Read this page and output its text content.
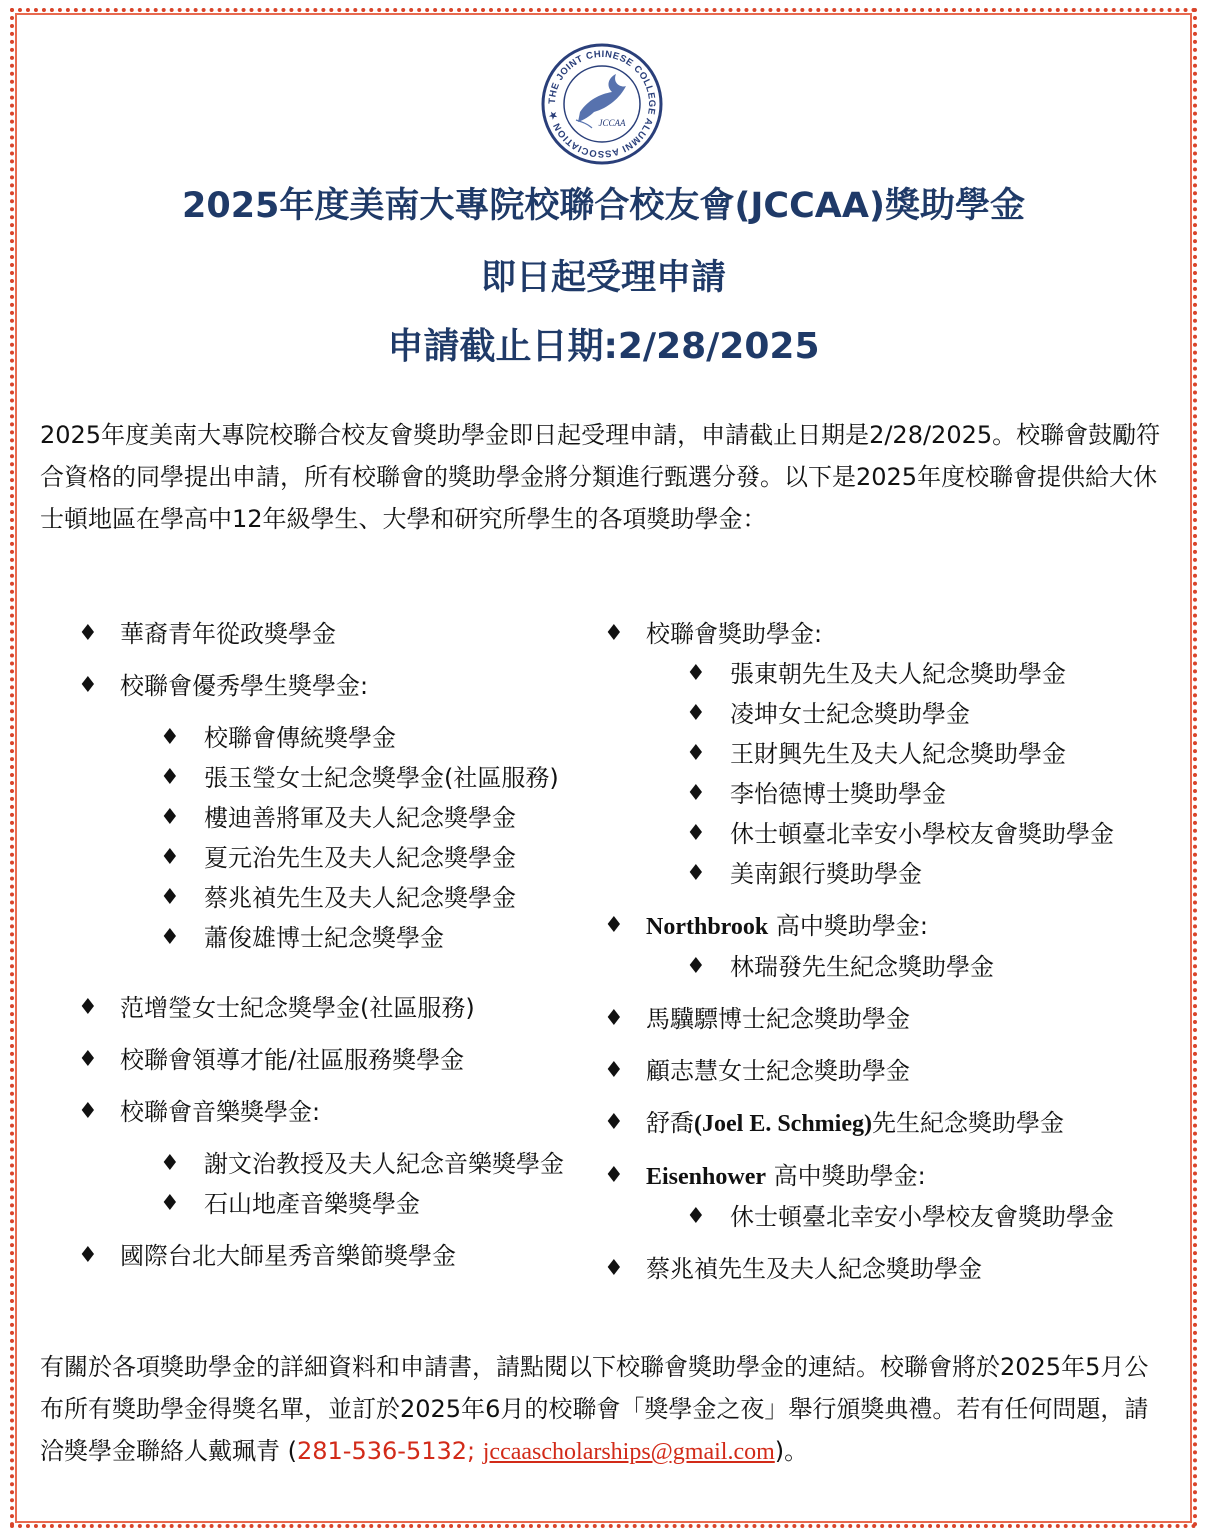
THE JOINT CHINESE COLLEGE ALUMNI ASSOCIATION ★
JCCAA
2025年度美南大專院校聯合校友會(JCCAA)獎助學金
即日起受理申請
申請截止日期:2/28/2025

2025年度美南大專院校聯合校友會獎助學金即日起受理申請，申請截止日期是2/28/2025。校聯會鼓勵符合資格的同學提出申請，所有校聯會的獎助學金將分類進行甄選分發。以下是2025年度校聯會提供給大休士頓地區在學高中12年級學生、大學和研究所學生的各項獎助學金：

♦ 華裔青年從政獎學金
♦ 校聯會優秀學生獎學金:
♦ 校聯會傳統獎學金
♦ 張玉瑩女士紀念獎學金(社區服務)
♦ 樓迪善將軍及夫人紀念獎學金
♦ 夏元治先生及夫人紀念獎學金
♦ 蔡兆禎先生及夫人紀念獎學金
♦ 蕭俊雄博士紀念獎學金
♦ 范增瑩女士紀念獎學金(社區服務)
♦ 校聯會領導才能/社區服務獎學金
♦ 校聯會音樂獎學金:
♦ 謝文治教授及夫人紀念音樂獎學金
♦ 石山地產音樂獎學金
♦ 國際台北大師星秀音樂節獎學金
♦ 校聯會獎助學金:
♦ 張東朝先生及夫人紀念獎助學金
♦ 凌坤女士紀念獎助學金
♦ 王財興先生及夫人紀念獎助學金
♦ 李怡德博士獎助學金
♦ 休士頓臺北幸安小學校友會獎助學金
♦ 美南銀行獎助學金
♦ Northbrook 高中獎助學金:
♦ 林瑞發先生紀念獎助學金
♦ 馬驥驃博士紀念獎助學金
♦ 顧志慧女士紀念獎助學金
♦ 舒喬(Joel E. Schmieg)先生紀念獎助學金
♦ Eisenhower 高中獎助學金:
♦ 休士頓臺北幸安小學校友會獎助學金
♦ 蔡兆禎先生及夫人紀念獎助學金

有關於各項獎助學金的詳細資料和申請書，請點閱以下校聯會獎助學金的連結。校聯會將於2025年5月公布所有獎助學金得獎名單，並訂於2025年6月的校聯會「獎學金之夜」舉行頒獎典禮。若有任何問題，請洽獎學金聯絡人戴珮青 (281-536-5132; jccaascholarships@gmail.com)。
